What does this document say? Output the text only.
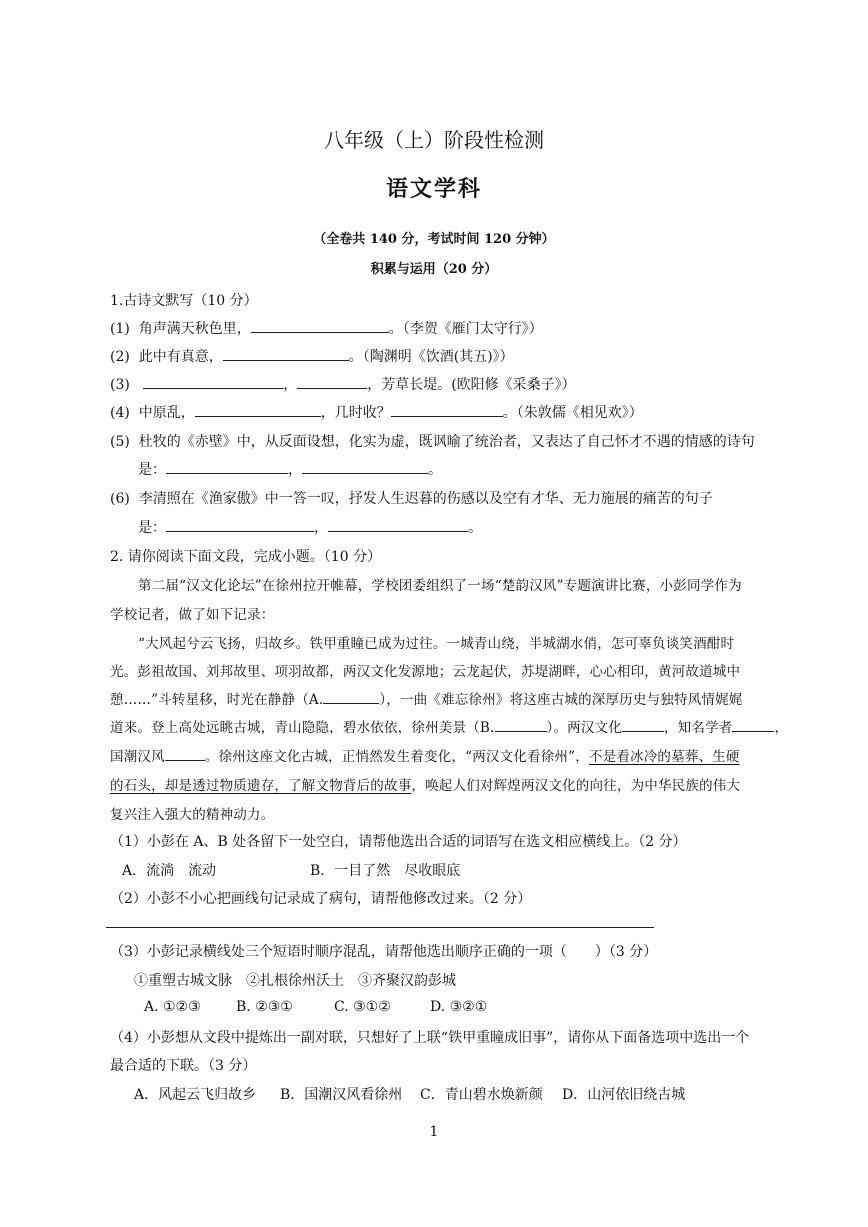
八年级（上）阶段性检测
语文学科
（全卷共 140 分，考试时间 120 分钟）
积累与运用（20 分）
1.古诗文默写（10 分）
(1) 角声满天秋色里，	。（李贺《雁门太守行》）
(2) 此中有真意，	。（陶渊明《饮酒(其五)》）
(3)	，	，芳草长堤。(欧阳修《采桑子》）
(4) 中原乱，	，几时收？	。（朱敦儒《相见欢》）
(5) 杜牧的《赤壁》中，从反面设想，化实为虚，既讽喻了统治者，又表达了自己怀才不遇的情感的诗句
是：	，	。
(6) 李清照在《渔家傲》中一答一叹，抒发人生迟暮的伤感以及空有才华、无力施展的痛苦的句子
是：	，	。
2. 请你阅读下面文段，完成小题。（10 分）
第二届“汉文化论坛”在徐州拉开帷幕，学校团委组织了一场“楚韵汉风”专题演讲比赛，小彭同学作为
学校记者，做了如下记录：
“大风起兮云飞扬，归故乡。铁甲重瞳已成为过往。一城青山绕，半城湖水俏，怎可辜负谈笑酒酣时
光。彭祖故国、刘邦故里、项羽故都，两汉文化发源地；云龙起伏，苏堤湖畔，心心相印，黄河故道城中
憩……”斗转星移，时光在静静（A.	），一曲《难忘徐州》将这座古城的深厚历史与独特风情娓娓
道来。登上高处远眺古城，青山隐隐，碧水依依，徐州美景（B.	）。两汉文化	，知名学者	，
国潮汉风	。徐州这座文化古城，正悄然发生着变化，“两汉文化看徐州”，不是看冰冷的墓葬、生硬
的石头，却是透过物质遗存，了解文物背后的故事，唤起人们对辉煌两汉文化的向往，为中华民族的伟大
复兴注入强大的精神动力。
（1）小彭在 A、B 处各留下一处空白，请帮他选出合适的词语写在选文相应横线上。（2 分）
A．流淌　流动	B．一目了然　尽收眼底
（2）小彭不小心把画线句记录成了病句，请帮他修改过来。（2 分）
（3）小彭记录横线处三个短语时顺序混乱，请帮他选出顺序正确的一项（　　）（3 分）
①重塑古城文脉　②扎根徐州沃土　③齐聚汉韵彭城
A. ①②③	B. ②③①	C. ③①②	D. ③②①
（4）小彭想从文段中提炼出一副对联，只想好了上联“铁甲重瞳成旧事”，请你从下面备选项中选出一个
最合适的下联。（3 分）
A．风起云飞归故乡 B．国潮汉风看徐州 C．青山碧水焕新颜 D．山河依旧绕古城
1
